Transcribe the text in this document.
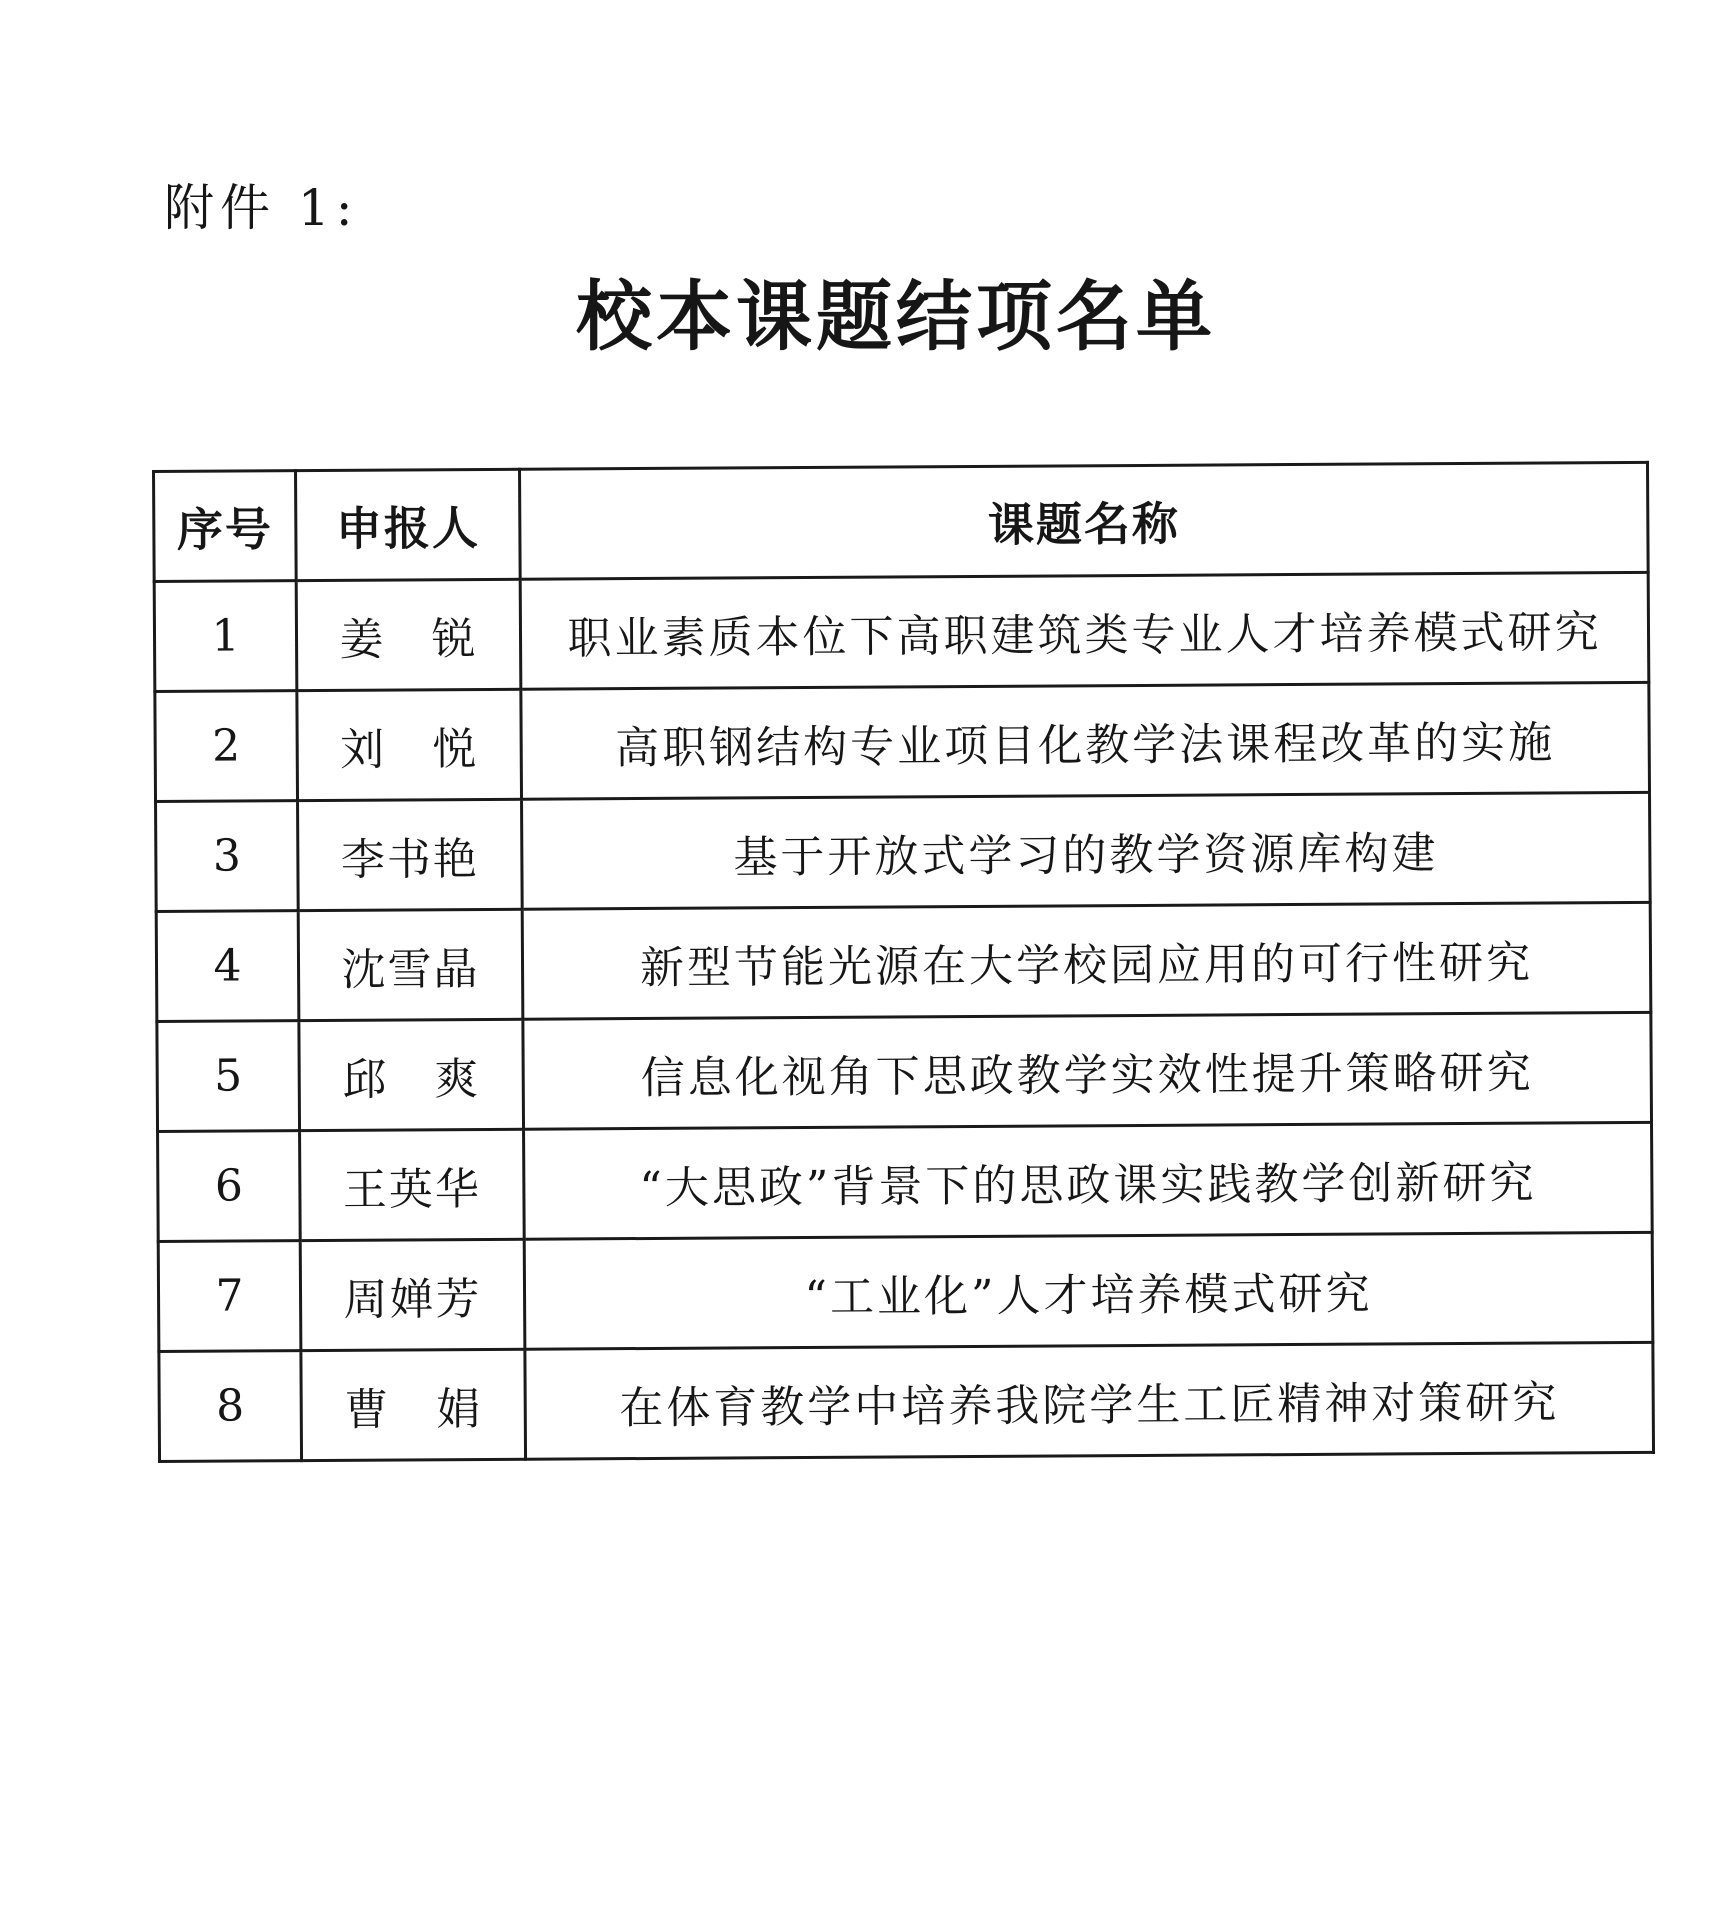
附件 1:
校本课题结项名单
序号	申报人	课题名称
1	姜　锐	职业素质本位下高职建筑类专业人才培养模式研究
2	刘　悦	高职钢结构专业项目化教学法课程改革的实施
3	李书艳	基于开放式学习的教学资源库构建
4	沈雪晶	新型节能光源在大学校园应用的可行性研究
5	邱　爽	信息化视角下思政教学实效性提升策略研究
6	王英华	“大思政”背景下的思政课实践教学创新研究
7	周婵芳	“工业化”人才培养模式研究
8	曹　娟	在体育教学中培养我院学生工匠精神对策研究
